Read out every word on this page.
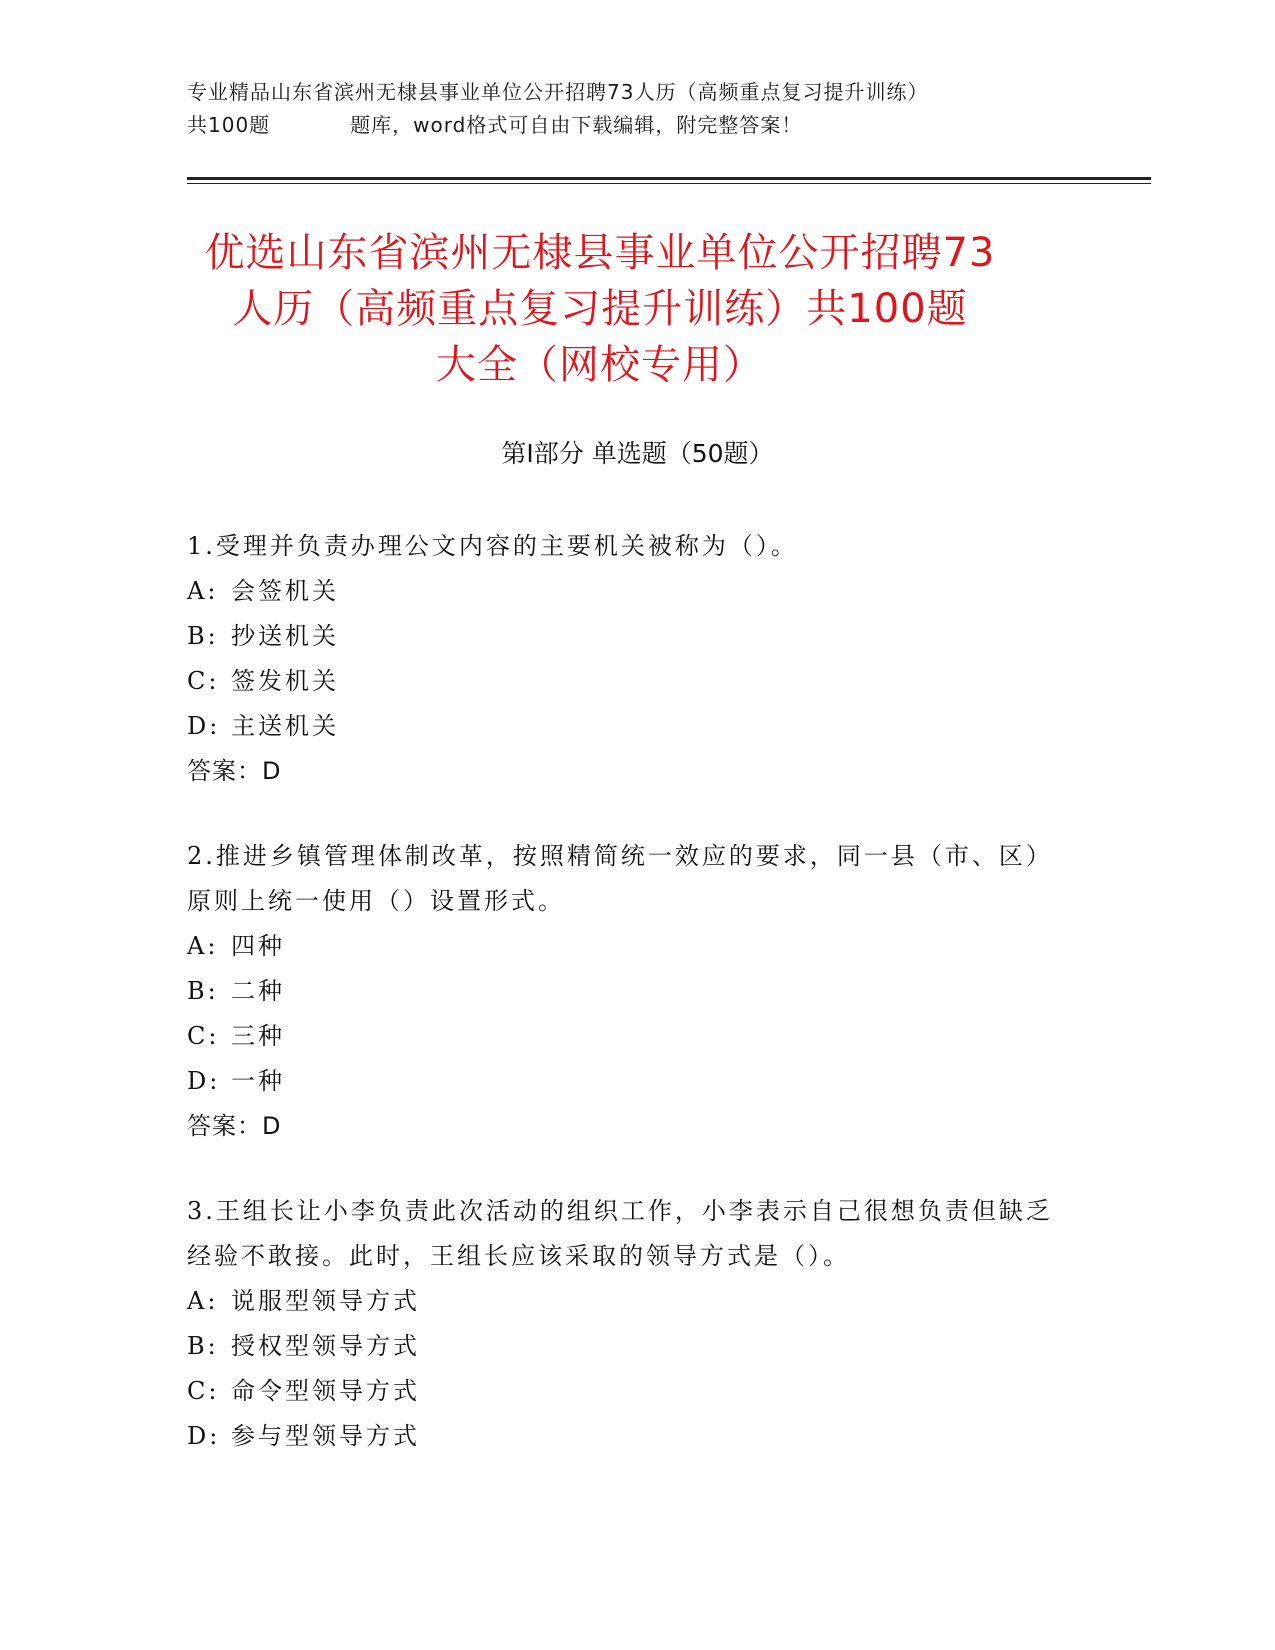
专业精品山东省滨州无棣县事业单位公开招聘73人历（高频重点复习提升训练）
共100题	题库，word格式可自由下载编辑，附完整答案！
优选山东省滨州无棣县事业单位公开招聘73
人历（高频重点复习提升训练）共100题
大全（网校专用）
第Ⅰ部分 单选题（50题）
1.受理并负责办理公文内容的主要机关被称为（）。
A: 会签机关
B: 抄送机关
C: 签发机关
D: 主送机关
答案：D
2.推进乡镇管理体制改革，按照精简统一效应的要求，同一县（市、区）原则上统一使用（）设置形式。
A: 四种
B: 二种
C: 三种
D: 一种
答案：D
3.王组长让小李负责此次活动的组织工作，小李表示自己很想负责但缺乏经验不敢接。此时，王组长应该采取的领导方式是（）。
A: 说服型领导方式
B: 授权型领导方式
C: 命令型领导方式
D: 参与型领导方式
